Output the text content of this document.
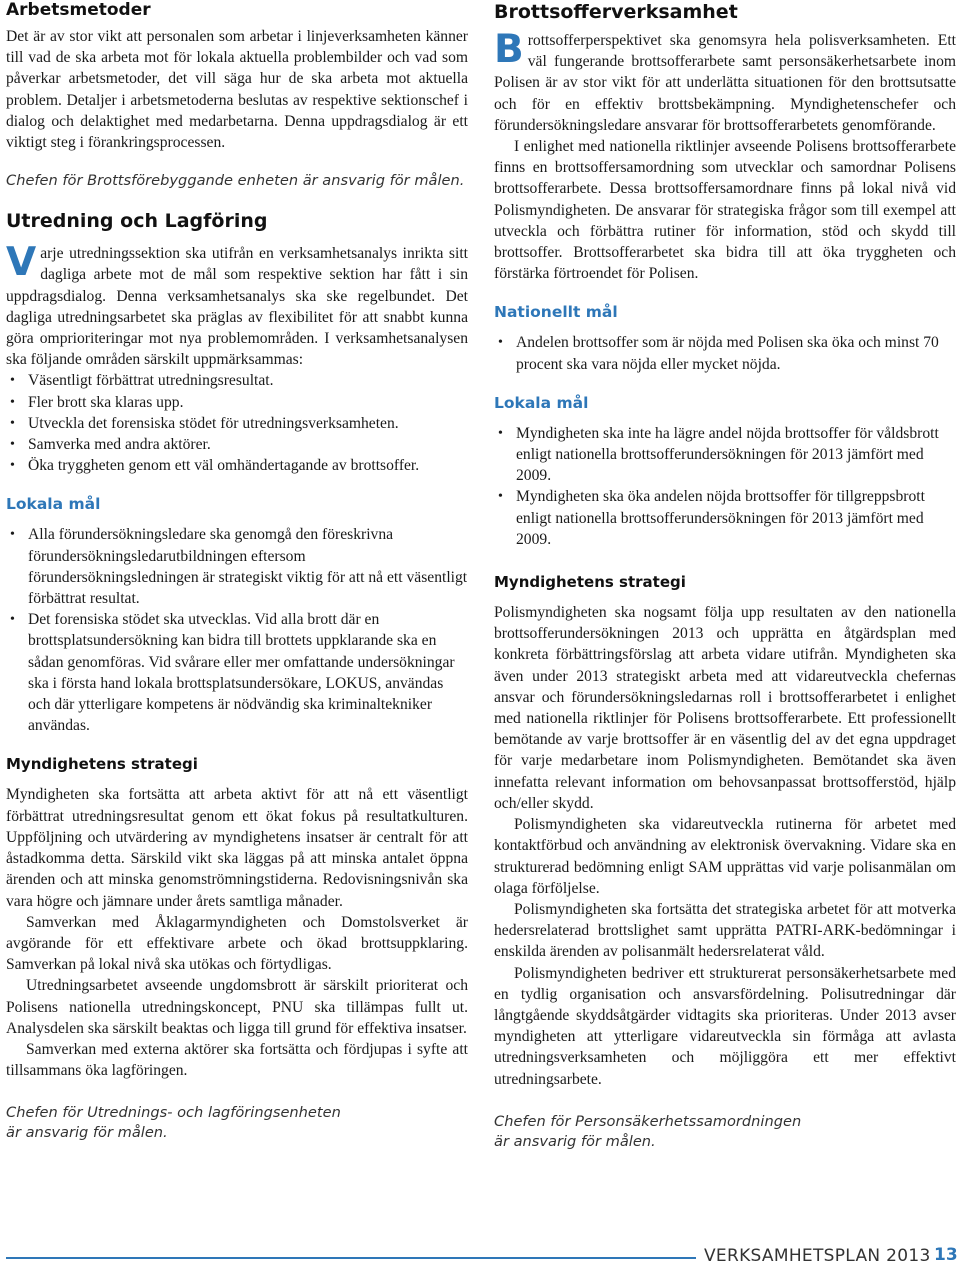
Arbetsmetoder

Det är av stor vikt att personalen som arbetar i linjeverksamheten känner till vad de ska arbeta mot för lokala aktuella problembilder och vad som påverkar arbetsmetoder, det vill säga hur de ska arbeta mot aktuella problem. Detaljer i arbetsmetoderna beslutas av respektive sektionschef i dialog och delaktighet med medarbetarna. Denna uppdragsdialog är ett viktigt steg i förankringsprocessen.

Chefen för Brottsförebyggande enheten är ansvarig för målen.
Utredning och Lagföring
V arje utredningssektion ska utifrån en verksamhetsanalys inrikta sitt dagliga arbete mot de mål som respektive sektion har fått i sin uppdragsdialog. Denna verksamhetsanalys ska ske regelbundet. Det dagliga utredningsarbetet ska präglas av flexibilitet för att snabbt kunna göra omprioriteringar mot nya problemområden. I verksamhetsanalysen ska följande områden särskilt uppmärksammas:

• Väsentligt förbättrat utredningsresultat.
• Fler brott ska klaras upp.
• Utveckla det forensiska stödet för utredningsverksamheten.
• Samverka med andra aktörer.
• Öka tryggheten genom ett väl omhändertagande av brottsoffer.
Lokala mål
• Alla förundersökningsledare ska genomgå den föreskrivna förundersökningsledarutbildningen eftersom förundersökningsledningen är strategiskt viktig för att nå ett väsentligt förbättrat resultat.
• Det forensiska stödet ska utvecklas. Vid alla brott där en brottsplatsundersökning kan bidra till brottets uppklarande ska en sådan genomföras. Vid svårare eller mer omfattande undersökningar ska i första hand lokala brottsplatsundersökare, LOKUS, användas och där ytterligare kompetens är nödvändig ska kriminaltekniker användas.
Myndighetens strategi

Myndigheten ska fortsätta att arbeta aktivt för att nå ett väsentligt förbättrat utredningsresultat genom ett ökat fokus på resultatkulturen. Uppföljning och utvärdering av myndighetens insatser är centralt för att åstadkomma detta. Särskild vikt ska läggas på att minska antalet öppna ärenden och att minska genomströmningstiderna. Redovisningsnivån ska vara högre och jämnare under årets samtliga månader.

Samverkan med Åklagarmyndigheten och Domstolsverket är avgörande för ett effektivare arbete och ökad brottsuppklaring. Samverkan på lokal nivå ska utökas och förtydligas.

Utredningsarbetet avseende ungdomsbrott är särskilt prioriterat och Polisens nationella utredningskoncept, PNU ska tillämpas fullt ut. Analysdelen ska särskilt beaktas och ligga till grund för effektiva insatser.

Samverkan med externa aktörer ska fortsätta och fördjupas i syfte att tillsammans öka lagföringen.

Chefen för Utrednings- och lagföringsenheten
är ansvarig för målen.
Brottsofferverksamhet
B rottsofferperspektivet ska genomsyra hela polisverksamheten. Ett väl fungerande brottsofferarbete samt personsäkerhetsarbete inom Polisen är av stor vikt för att underlätta situationen för den brottsutsatte och för en effektiv brottsbekämpning. Myndighetenschefer och förundersökningsledare ansvarar för brottsofferarbetets genomförande.

I enlighet med nationella riktlinjer avseende Polisens brottsofferarbete finns en brottsoffersamordning som utvecklar och samordnar Polisens brottsofferarbete. Dessa brottsoffersamordnare finns på lokal nivå vid Polismyndigheten. De ansvarar för strategiska frågor som till exempel att utveckla och förbättra rutiner för information, stöd och skydd till brottsoffer. Brottsofferarbetet ska bidra till att öka tryggheten och förstärka förtroendet för Polisen.

Nationellt mål
• Andelen brottsoffer som är nöjda med Polisen ska öka och minst 70 procent ska vara nöjda eller mycket nöjda.
Lokala mål
• Myndigheten ska inte ha lägre andel nöjda brottsoffer för våldsbrott enligt nationella brottsofferundersökningen för 2013 jämfört med 2009.
• Myndigheten ska öka andelen nöjda brottsoffer för tillgreppsbrott enligt nationella brottsofferundersökningen för 2013 jämfört med 2009.
Myndighetens strategi

Polismyndigheten ska nogsamt följa upp resultaten av den nationella brottsofferundersökningen 2013 och upprätta en åtgärdsplan med konkreta förbättringsförslag att arbeta vidare utifrån. Myndigheten ska även under 2013 strategiskt arbeta med att vidareutveckla chefernas ansvar och förundersökningsledarnas roll i brottsofferarbetet i enlighet med nationella riktlinjer för Polisens brottsofferarbete. Ett professionellt bemötande av varje brottsoffer är en väsentlig del av det egna uppdraget för varje medarbetare inom Polismyndigheten. Bemötandet ska även innefatta relevant information om behovsanpassat brottsofferstöd, hjälp och/eller skydd.

Polismyndigheten ska vidareutveckla rutinerna för arbetet med kontaktförbud och användning av elektronisk övervakning. Vidare ska en strukturerad bedömning enligt SAM upprättas vid varje polisanmälan om olaga förföljelse.

Polismyndigheten ska fortsätta det strategiska arbetet för att motverka hedersrelaterad brottslighet samt upprätta PATRI-ARK-bedömningar i enskilda ärenden av polisanmält hedersrelaterat våld.

Polismyndigheten bedriver ett strukturerat personsäkerhetsarbete med en tydlig organisation och ansvarsfördelning. Polisutredningar där långtgående skyddsåtgärder vidtagits ska prioriteras. Under 2013 avser myndigheten att ytterligare vidareutveckla sin förmåga att avlasta utredningsverksamheten och möjliggöra ett mer effektivt utredningsarbete.

Chefen för Personsäkerhetssamordningen
är ansvarig för målen.
VERKSAMHETSPLAN 2013 13
